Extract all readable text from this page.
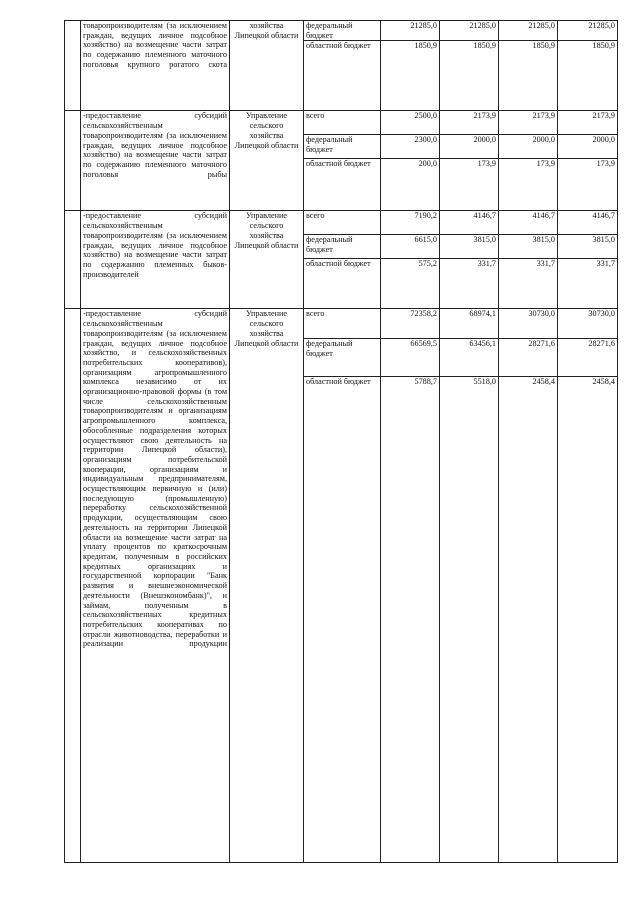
	товаропроизводителям (за исключением граждан, ведущих личное подсобное хозяйство) на возмещение части затрат по содержанию племенного маточного поголовья крупного рогатого скота	хозяйства Липецкой области	федеральный бюджет	21285,0	21285,0	21285,0	21285,0
			областной бюджет	1850,9	1850,9	1850,9	1850,9

	-предоставление субсидий сельскохозяйственным товаропроизводителям (за исключением граждан, ведущих личное подсобное хозяйство) на возмещение части затрат по содержанию племенного маточного поголовья рыбы	Управление сельского хозяйства Липецкой области	всего	2500,0	2173,9	2173,9	2173,9
			федеральный бюджет	2300,0	2000,0	2000,0	2000,0
			областной бюджет	200,0	173,9	173,9	173,9

	-предоставление субсидий сельскохозяйственным товаропроизводителям (за исключением граждан, ведущих личное подсобное хозяйство) на возмещение части затрат по содержанию племенных быков-производителей	Управление сельского хозяйства Липецкой области	всего	7190,2	4146,7	4146,7	4146,7
			федеральный бюджет	6615,0	3815,0	3815,0	3815,0
			областной бюджет	575,2	331,7	331,7	331,7

	-предоставление субсидий сельскохозяйственным товаропроизводителям (за исключением граждан, ведущих личное подсобное хозяйство, и сельскохозяйственных потребительских кооперативов), организациям агропромышленного комплекса независимо от их организационно-правовой формы (в том числе сельскохозяйственным товаропроизводителям и организациям агропромышленного комплекса, обособленные подразделения которых осуществляют свою деятельность на территории Липецкой области), организациям потребительской кооперации, организациям и индивидуальным предпринимателям, осуществляющим первичную и (или) последующую (промышленную) переработку сельскохозяйственной продукции, осуществляющим свою деятельность на территории Липецкой области на возмещение части затрат на уплату процентов по краткосрочным кредитам, полученным в российских кредитных организациях и государственной корпорации "Банк развития и внешнеэкономической деятельности (Внешэкономбанк)", и займам, полученным в сельскохозяйственных кредитных потребительских кооперативах по отрасли животноводства, переработки и реализации продукции	Управление сельского хозяйства Липецкой области	всего	72358,2	68974,1	30730,0	30730,0
			федеральный бюджет	66569,5	63456,1	28271,6	28271,6
			областной бюджет	5788,7	5518,0	2458,4	2458,4
